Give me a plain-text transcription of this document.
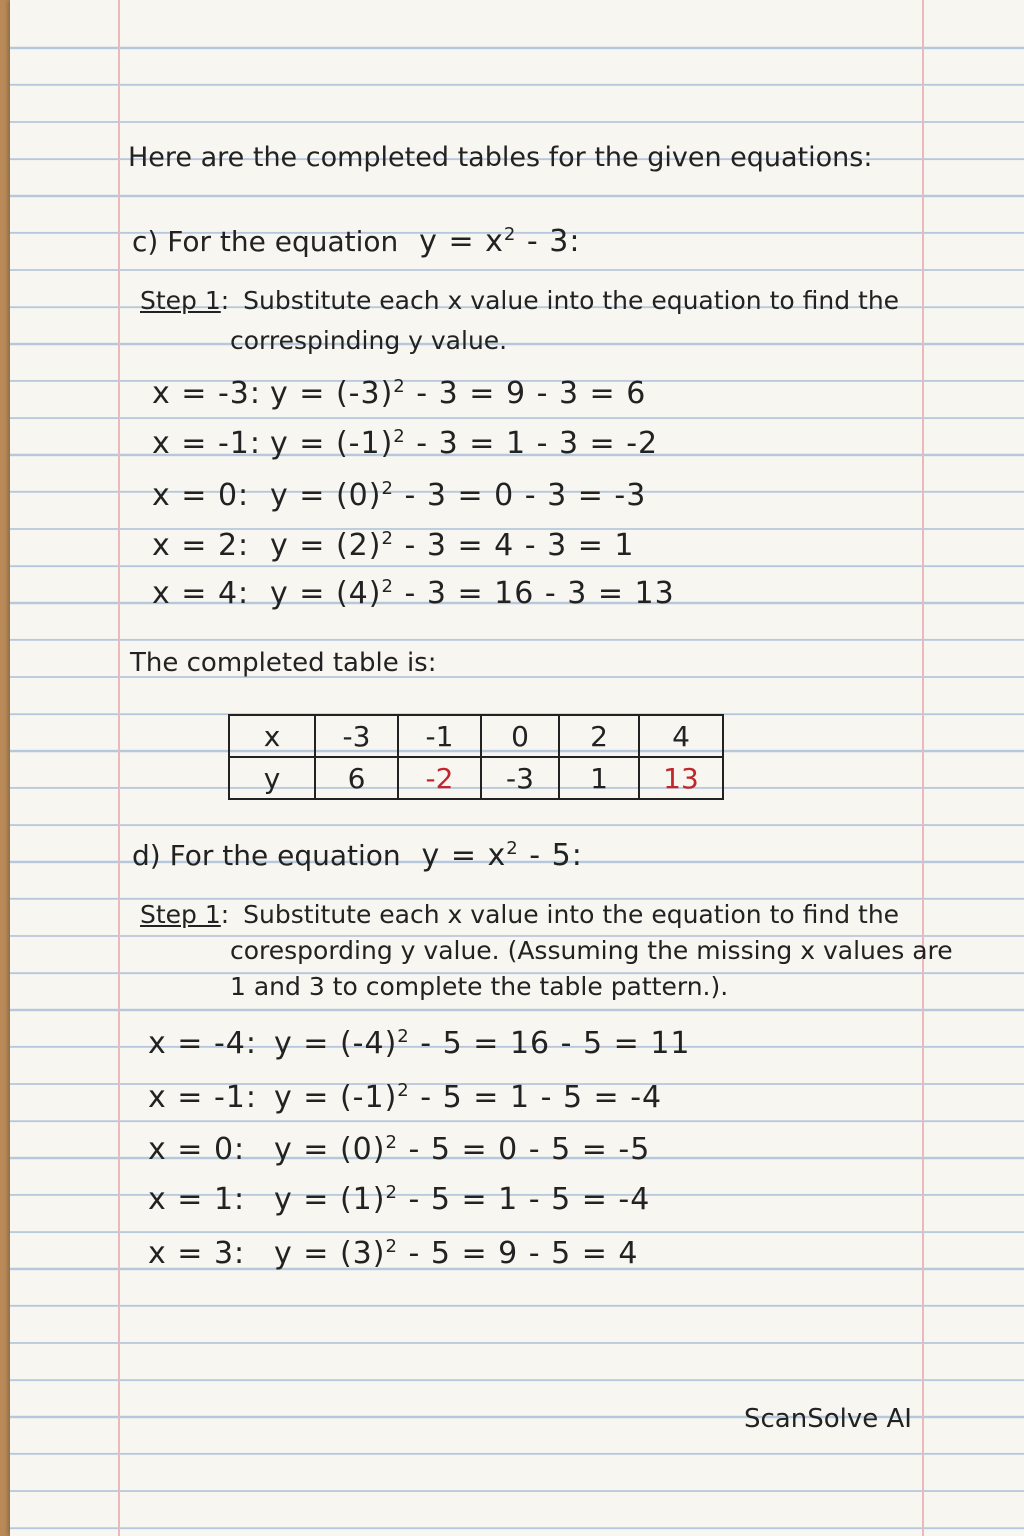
Here are the completed tables for the given equations:
c) For the equation $y = x^2 - 3$:
Step 1: Substitute each x value into the equation to find the
correspinding y value.
x = -3: $y = (-3)^2 - 3 = 9 - 3 = 6$
x = -1: $y = (-1)^2 - 3 = 1 - 3 = -2$
x = 0: $y = (0)^2 - 3 = 0 - 3 = -3$
x = 2: $y = (2)^2 - 3 = 4 - 3 = 1$
x = 4: $y = (4)^2 - 3 = 16 - 3 = 13$
The completed table is:
x	-3	-1	0	2	4
y	6	-2	-3	1	13
d) For the equation $y = x^2 - 5$:
Step 1: Substitute each x value into the equation to find the
corespording y value. (Assuming the missing x values are
1 and 3 to complete the table pattern.).
x = -4: $y = (-4)^2 - 5 = 16 - 5 = 11$
x = -1: $y = (-1)^2 - 5 = 1 - 5 = -4$
x = 0: $y = (0)^2 - 5 = 0 - 5 = -5$
x = 1: $y = (1)^2 - 5 = 1 - 5 = -4$
x = 3: $y = (3)^2 - 5 = 9 - 5 = 4$
ScanSolve AI
